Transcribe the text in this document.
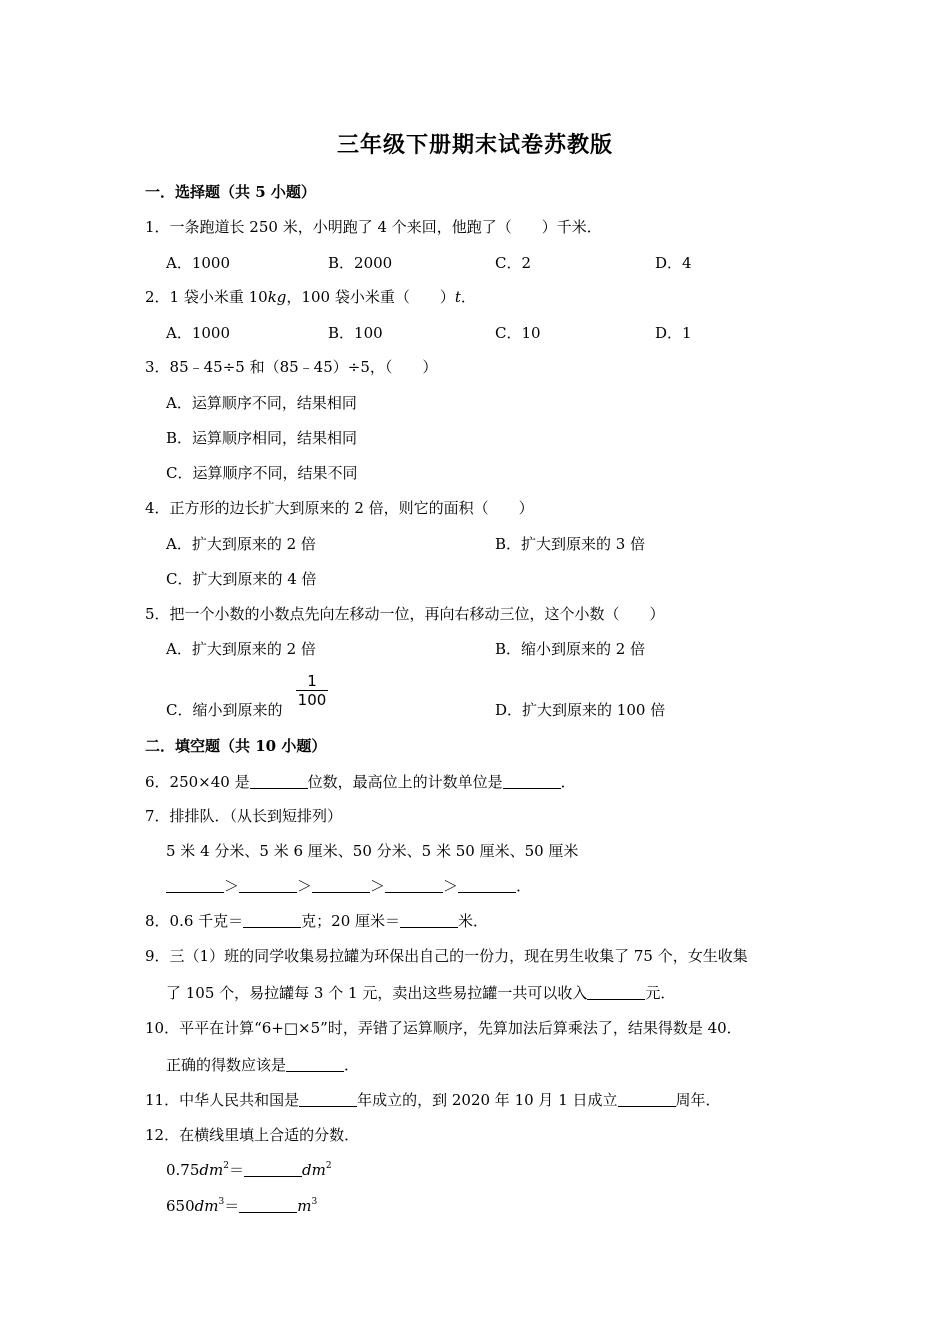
三年级下册期末试卷苏教版
一．选择题（共 5 小题）
1．一条跑道长 250 米，小明跑了 4 个来回，他跑了（　　）千米．
A．1000	B．2000	C．2	D．4
2．1 袋小米重 10kg，100 袋小米重（　　）t．
A．1000	B．100	C．10	D．1
3．85﹣45÷5 和（85﹣45）÷5，（　　）
A．运算顺序不同，结果相同
B．运算顺序相同，结果相同
C．运算顺序不同，结果不同
4．正方形的边长扩大到原来的 2 倍，则它的面积（　　）
A．扩大到原来的 2 倍	B．扩大到原来的 3 倍
C．扩大到原来的 4 倍
5．把一个小数的小数点先向左移动一位，再向右移动三位，这个小数（　　）
A．扩大到原来的 2 倍	B．缩小到原来的 2 倍
C．缩小到原来的
1
100
D．扩大到原来的 100 倍
二．填空题（共 10 小题）
6．250×40 是	位数，最高位上的计数单位是	．
7．排排队．（从长到短排列）
5 米 4 分米、5 米 6 厘米、50 分米、5 米 50 厘米、50 厘米
＞	＞	＞	＞	．
8．0.6 千克＝	克；20 厘米＝	米．
9．三（1）班的同学收集易拉罐为环保出自己的一份力，现在男生收集了 75 个，女生收集
了 105 个，易拉罐每 3 个 1 元，卖出这些易拉罐一共可以收入	元．
10．平平在计算“6+□×5”时，弄错了运算顺序，先算加法后算乘法了，结果得数是 40．
正确的得数应该是	．
11．中华人民共和国是	年成立的，到 2020 年 10 月 1 日成立	周年．
12．在横线里填上合适的分数．
$0.75dm^2=$	$dm^2$
$650dm^3=$	$m^3$
